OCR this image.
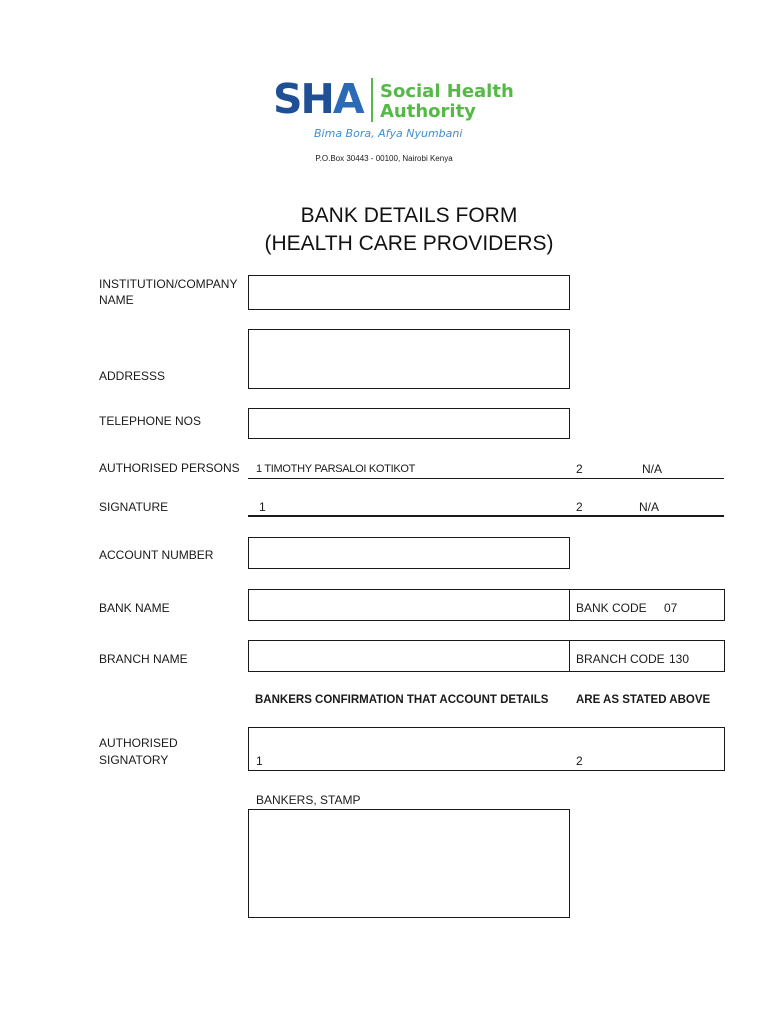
SHA Social Health
Authority
Bima Bora, Afya Nyumbani
P.O.Box 30443 - 00100, Nairobi Kenya
BANK DETAILS FORM
(HEALTH CARE PROVIDERS)
INSTITUTION/COMPANY
NAME
ADDRESSS
TELEPHONE NOS
AUTHORISED PERSONS 1 TIMOTHY PARSALOI KOTIKOT	2	N/A
SIGNATURE	1	2	N/A
ACCOUNT NUMBER
BANK NAME	BANK CODE 07
BRANCH NAME	BRANCH CODE 130
BANKERS CONFIRMATION THAT ACCOUNT DETAILS ARE AS STATED ABOVE
AUTHORISED
SIGNATORY	1	2
BANKERS, STAMP
